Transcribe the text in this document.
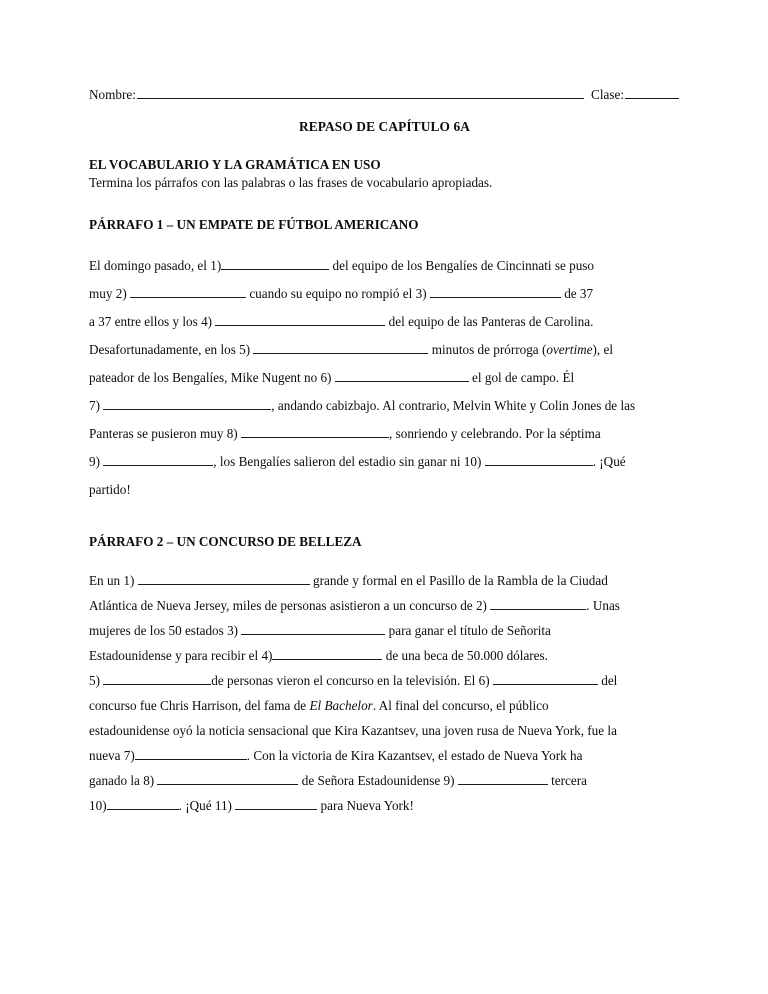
Nombre:	Clase:
REPASO DE CAPÍTULO 6A
EL VOCABULARIO Y LA GRAMÁTICA EN USO
Termina los párrafos con las palabras o las frases de vocabulario apropiadas.
PÁRRAFO 1 – UN EMPATE DE FÚTBOL AMERICANO
El domingo pasado, el 1)	del equipo de los Bengalíes de Cincinnati se puso
muy 2)	cuando su equipo no rompió el 3)	de 37
a 37 entre ellos y los 4)	del equipo de las Panteras de Carolina.
Desafortunadamente, en los 5)	minutos de prórroga (overtime), el
pateador de los Bengalíes, Mike Nugent no 6)	el gol de campo. Él
7)	, andando cabizbajo. Al contrario, Melvin White y Colin Jones de las
Panteras se pusieron muy 8)	, sonriendo y celebrando. Por la séptima
9)	, los Bengalíes salieron del estadio sin ganar ni 10)	. ¡Qué
partido!
PÁRRAFO 2 – UN CONCURSO DE BELLEZA
En un 1)	grande y formal en el Pasillo de la Rambla de la Ciudad
Atlántica de Nueva Jersey, miles de personas asistieron a un concurso de 2)	. Unas
mujeres de los 50 estados 3)	para ganar el título de Señorita
Estadounidense y para recibir el 4)	de una beca de 50.000 dólares.
5)	de personas vieron el concurso en la televisión. El 6)	del
concurso fue Chris Harrison, del fama de El Bachelor. Al final del concurso, el público
estadounidense oyó la noticia sensacional que Kira Kazantsev, una joven rusa de Nueva York, fue la
nueva 7)	. Con la victoria de Kira Kazantsev, el estado de Nueva York ha
ganado la 8)	de Señora Estadounidense 9)	tercera
10)	. ¡Qué 11)	para Nueva York!
